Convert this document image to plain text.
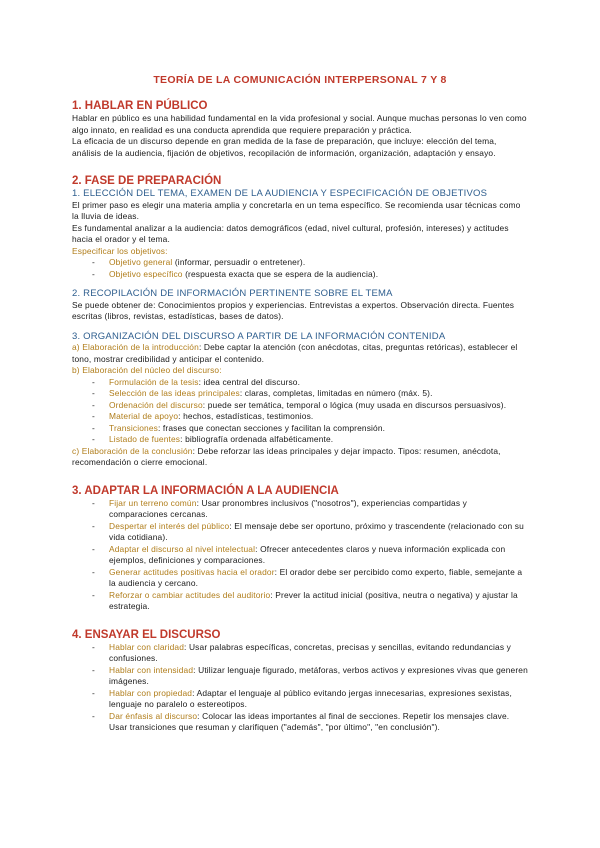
TEORÍA DE LA COMUNICACIÓN INTERPERSONAL 7 Y 8
1. HABLAR EN PÚBLICO

Hablar en público es una habilidad fundamental en la vida profesional y social. Aunque muchas personas lo ven como algo innato, en realidad es una conducta aprendida que requiere preparación y práctica.

La eficacia de un discurso depende en gran medida de la fase de preparación, que incluye: elección del tema, análisis de la audiencia, fijación de objetivos, recopilación de información, organización, adaptación y ensayo.

2. FASE DE PREPARACIÓN
1. ELECCIÓN DEL TEMA, EXAMEN DE LA AUDIENCIA Y ESPECIFICACIÓN DE OBJETIVOS

El primer paso es elegir una materia amplia y concretarla en un tema específico. Se recomienda usar técnicas como la lluvia de ideas.

Es fundamental analizar a la audiencia: datos demográficos (edad, nivel cultural, profesión, intereses) y actitudes hacia el orador y el tema.

Especificar los objetivos:

- Objetivo general (informar, persuadir o entretener).
- Objetivo específico (respuesta exacta que se espera de la audiencia).
2. RECOPILACIÓN DE INFORMACIÓN PERTINENTE SOBRE EL TEMA

Se puede obtener de: Conocimientos propios y experiencias. Entrevistas a expertos. Observación directa. Fuentes escritas (libros, revistas, estadísticas, bases de datos).

3. ORGANIZACIÓN DEL DISCURSO A PARTIR DE LA INFORMACIÓN CONTENIDA

a) Elaboración de la introducción: Debe captar la atención (con anécdotas, citas, preguntas retóricas), establecer el tono, mostrar credibilidad y anticipar el contenido.

b) Elaboración del núcleo del discurso:

- Formulación de la tesis: idea central del discurso.
- Selección de las ideas principales: claras, completas, limitadas en número (máx. 5).
- Ordenación del discurso: puede ser temática, temporal o lógica (muy usada en discursos persuasivos).
- Material de apoyo: hechos, estadísticas, testimonios.
- Transiciones: frases que conectan secciones y facilitan la comprensión.
- Listado de fuentes: bibliografía ordenada alfabéticamente.

c) Elaboración de la conclusión: Debe reforzar las ideas principales y dejar impacto. Tipos: resumen, anécdota, recomendación o cierre emocional.

3. ADAPTAR LA INFORMACIÓN A LA AUDIENCIA
- Fijar un terreno común: Usar pronombres inclusivos ("nosotros"), experiencias compartidas y comparaciones cercanas.
- Despertar el interés del público: El mensaje debe ser oportuno, próximo y trascendente (relacionado con su vida cotidiana).
- Adaptar el discurso al nivel intelectual: Ofrecer antecedentes claros y nueva información explicada con ejemplos, definiciones y comparaciones.
- Generar actitudes positivas hacia el orador: El orador debe ser percibido como experto, fiable, semejante a la audiencia y cercano.
- Reforzar o cambiar actitudes del auditorio: Prever la actitud inicial (positiva, neutra o negativa) y ajustar la estrategia.
4. ENSAYAR EL DISCURSO
- Hablar con claridad: Usar palabras específicas, concretas, precisas y sencillas, evitando redundancias y confusiones.
- Hablar con intensidad: Utilizar lenguaje figurado, metáforas, verbos activos y expresiones vivas que generen imágenes.
- Hablar con propiedad: Adaptar el lenguaje al público evitando jergas innecesarias, expresiones sexistas, lenguaje no paralelo o estereotipos.
- Dar énfasis al discurso: Colocar las ideas importantes al final de secciones. Repetir los mensajes clave. Usar transiciones que resuman y clarifiquen ("además", "por último", "en conclusión").
